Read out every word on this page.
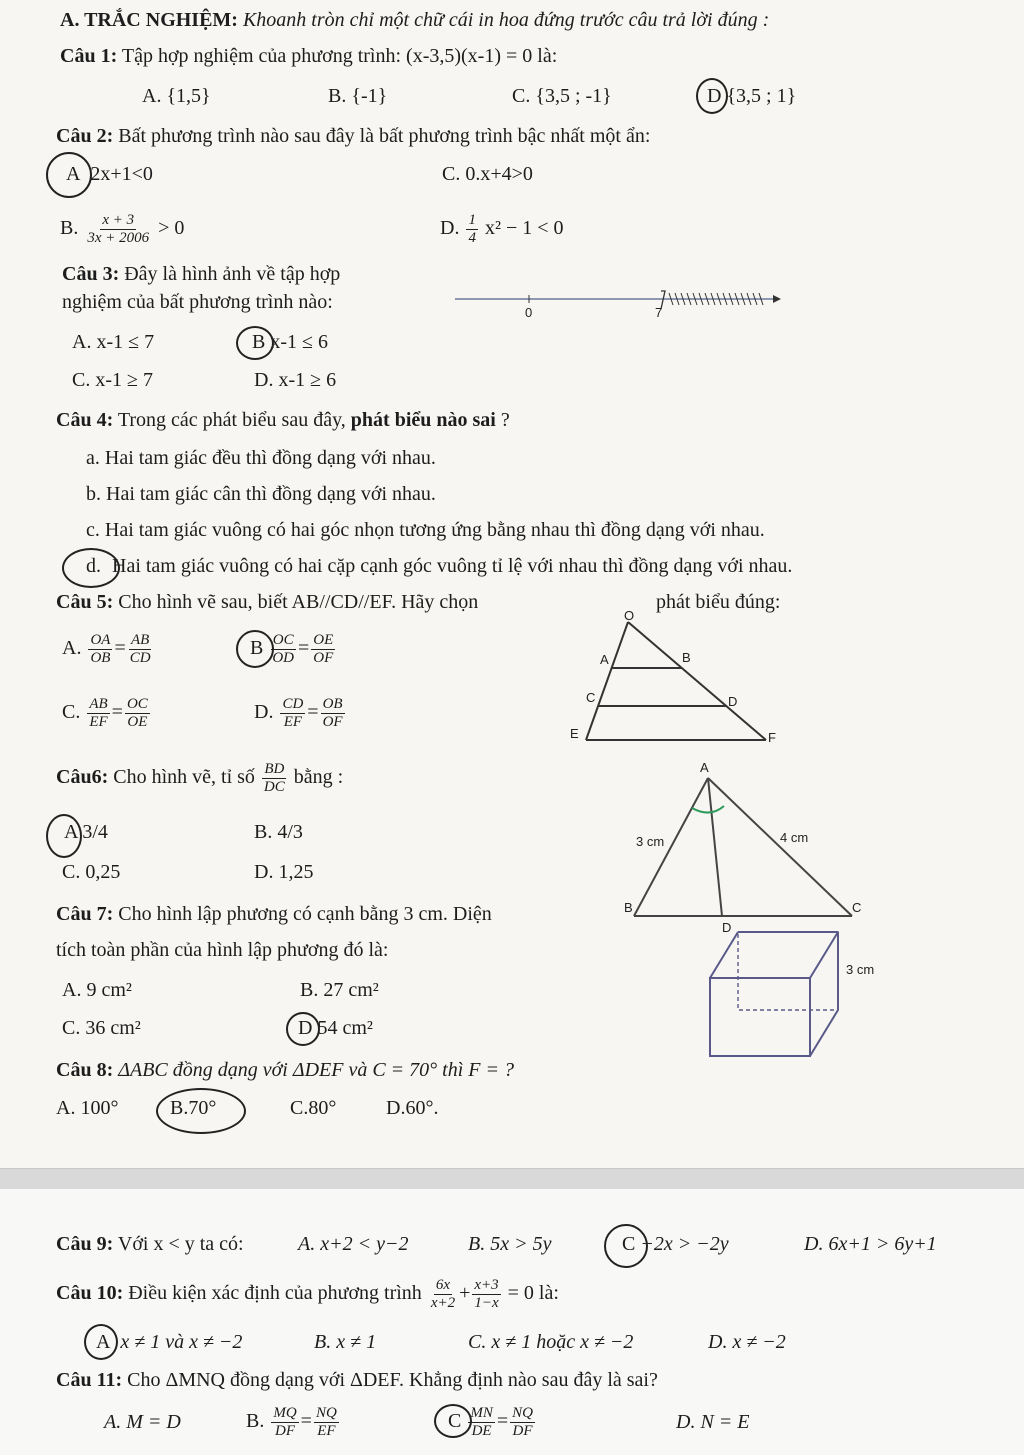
A. TRẮC NGHIỆM: Khoanh tròn chỉ một chữ cái in hoa đứng trước câu trả lời đúng :
Câu 1: Tập hợp nghiệm của phương trình: (x-3,5)(x-1) = 0 là:
A. {1,5}	B. {-1}	C. {3,5 ; -1}	D {3,5 ; 1}
Câu 2: Bất phương trình nào sau đây là bất phương trình bậc nhất một ẩn:
A 2x+1<0	C. 0.x+4>0
B. $\frac{x + 3}{3x + 2006} > 0$	D. $\frac{1}{4} x^2 - 1 < 0$
Câu 3: Đây là hình ảnh về tập hợp
nghiệm của bất phương trình nào:	0	7
A. x-1 ≤ 7	B x-1 ≤ 6
C. x-1 ≥ 7	D. x-1 ≥ 6
Câu 4: Trong các phát biểu sau đây, phát biểu nào sai ?
a. Hai tam giác đều thì đồng dạng với nhau.
b. Hai tam giác cân thì đồng dạng với nhau.
c. Hai tam giác vuông có hai góc nhọn tương ứng bằng nhau thì đồng dạng với nhau.
d. Hai tam giác vuông có hai cặp cạnh góc vuông tỉ lệ với nhau thì đồng dạng với nhau.
Câu 5: Cho hình vẽ sau, biết AB//CD//EF. Hãy chọn	phát biểu đúng:
A. $\frac{OA}{OB} = \frac{AB}{CD}$	B $\frac{OC}{OD} = \frac{OE}{OF}$
C. $\frac{AB}{EF} = \frac{OC}{OE}$	D. $\frac{CD}{EF} = \frac{OB}{OF}$
O
A	B
C	D
E	F
Câu6: Cho hình vẽ, tỉ số $\frac{BD}{DC}$ bằng :
A 3/4	B. 4/3
C. 0,25	D. 1,25
A
B	C
D
3 cm	4 cm
Câu 7: Cho hình lập phương có cạnh bằng 3 cm. Diện
tích toàn phần của hình lập phương đó là:
A. 9 cm²	B. 27 cm²
C. 36 cm²	D 54 cm²
3 cm
Câu 8: ΔABC đồng dạng với ΔDEF và C = 70° thì F = ?
A. 100°	B.70°	C.80° D.60°.
Câu 9: Với x < y ta có:	A. x+2 < y−2	B. 5x > 5y	C −2x > −2y	D. 6x+1 > 6y+1
Câu 10: Điều kiện xác định của phương trình $\frac{6x}{x+2} + \frac{x+3}{1-x} = 0$ là:
A x ≠ 1 và x ≠ −2	B. x ≠ 1	C. x ≠ 1 hoặc x ≠ −2	D. x ≠ −2
Câu 11: Cho ΔMNQ đồng dạng với ΔDEF. Khẳng định nào sau đây là sai?
A. M = D	B. $\frac{MQ}{DF} = \frac{NQ}{EF}$	C $\frac{MN}{DE} = \frac{NQ}{DF}$	D. N = E
